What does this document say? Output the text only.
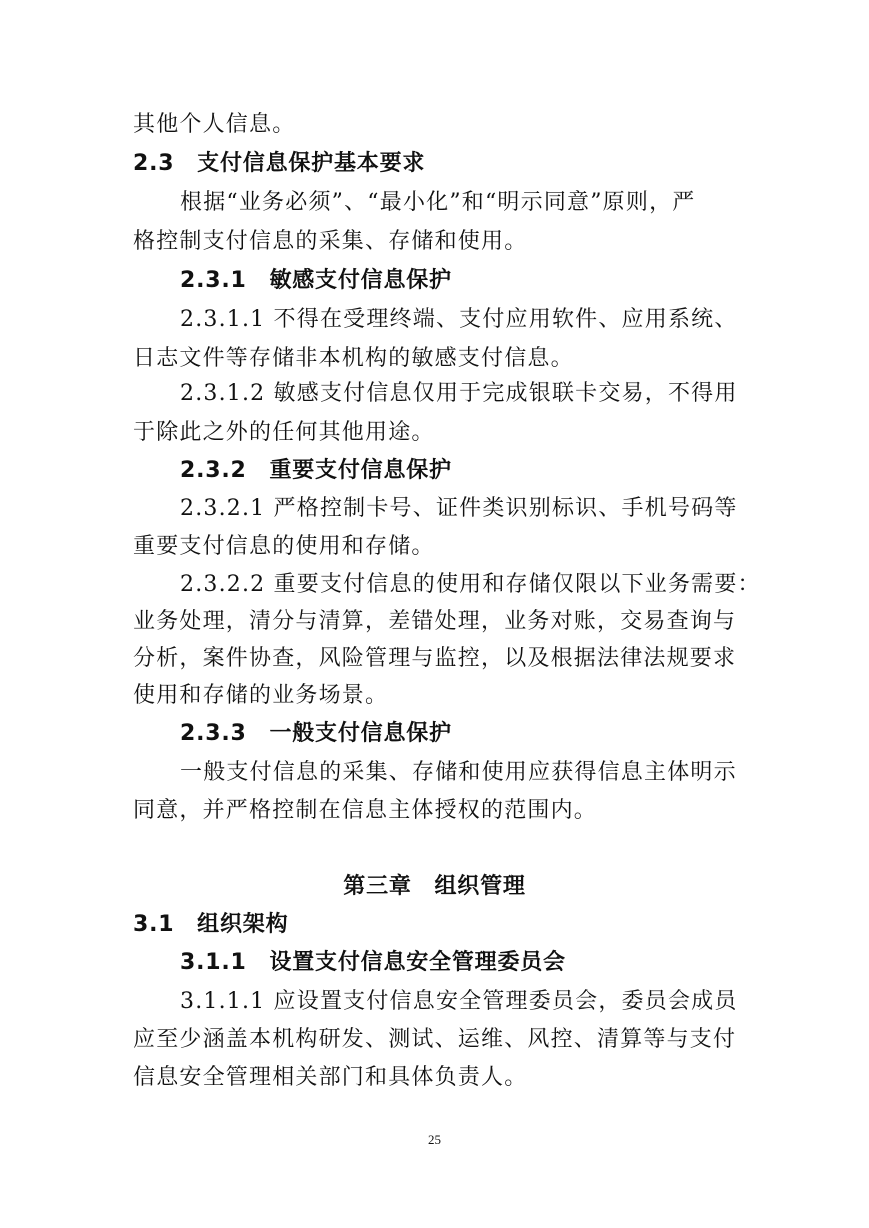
其他个人信息。
2.3　支付信息保护基本要求
根据“业务必须”、“最小化”和“明示同意”原则，严
格控制支付信息的采集、存储和使用。
2.3.1　敏感支付信息保护
2.3.1.1 不得在受理终端、支付应用软件、应用系统、
日志文件等存储非本机构的敏感支付信息。
2.3.1.2 敏感支付信息仅用于完成银联卡交易，不得用
于除此之外的任何其他用途。
2.3.2　重要支付信息保护
2.3.2.1 严格控制卡号、证件类识别标识、手机号码等
重要支付信息的使用和存储。
2.3.2.2 重要支付信息的使用和存储仅限以下业务需要：
业务处理，清分与清算，差错处理，业务对账，交易查询与
分析，案件协查，风险管理与监控，以及根据法律法规要求
使用和存储的业务场景。
2.3.3　一般支付信息保护
一般支付信息的采集、存储和使用应获得信息主体明示
同意，并严格控制在信息主体授权的范围内。
第三章　组织管理
3.1　组织架构
3.1.1　设置支付信息安全管理委员会
3.1.1.1 应设置支付信息安全管理委员会，委员会成员
应至少涵盖本机构研发、测试、运维、风控、清算等与支付
信息安全管理相关部门和具体负责人。
25
